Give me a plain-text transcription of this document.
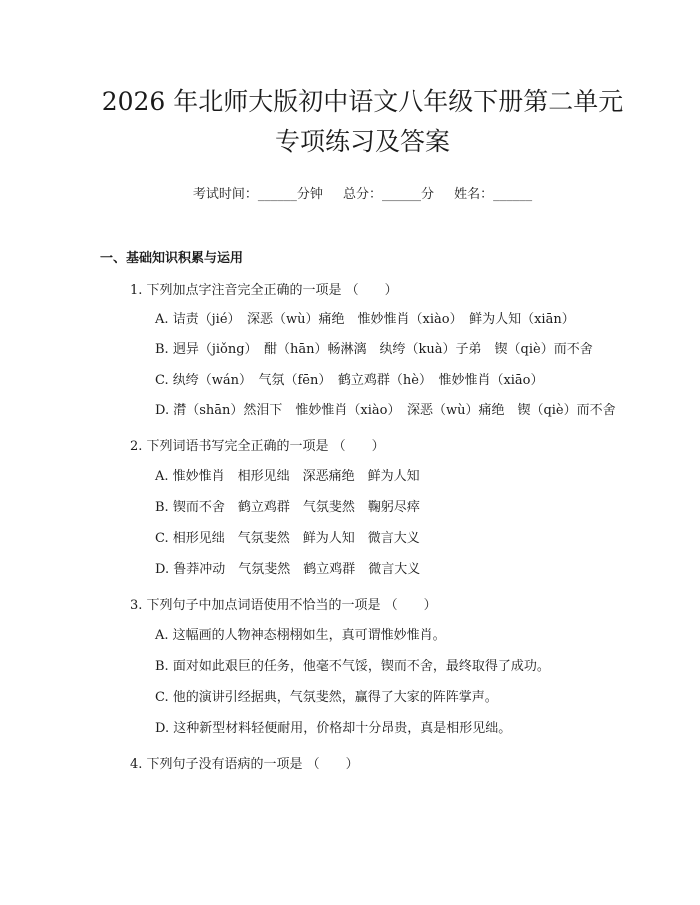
2026 年北师大版初中语文八年级下册第二单元专项练习及答案
考试时间：______分钟 总分：______分 姓名：______
一、基础知识积累与运用
1. 下列加点字注音完全正确的一项是 （　　）

A. 诘责（jié）　深恶（wù）痛绝　惟妙惟肖（xiào）　鲜为人知（xiān）

B. 迥异（jiǒng）　酣（hān）畅淋漓　纨绔（kuà）子弟　锲（qiè）而不舍

C. 纨绔（wán）　气氛（fēn）　鹤立鸡群（hè）　惟妙惟肖（xiāo）

D. 潸（shān）然泪下　惟妙惟肖（xiào）　深恶（wù）痛绝　锲（qiè）而不舍

2. 下列词语书写完全正确的一项是 （　　）

A. 惟妙惟肖　相形见绌　深恶痛绝　鲜为人知

B. 锲而不舍　鹤立鸡群　气氛斐然　鞠躬尽瘁

C. 相形见绌　气氛斐然　鲜为人知　微言大义

D. 鲁莽冲动　气氛斐然　鹤立鸡群　微言大义

3. 下列句子中加点词语使用不恰当的一项是 （　　）

A. 这幅画的人物神态栩栩如生，真可谓惟妙惟肖。

B. 面对如此艰巨的任务，他毫不气馁，锲而不舍，最终取得了成功。

C. 他的演讲引经据典，气氛斐然，赢得了大家的阵阵掌声。

D. 这种新型材料轻便耐用，价格却十分昂贵，真是相形见绌。

4. 下列句子没有语病的一项是 （　　）
